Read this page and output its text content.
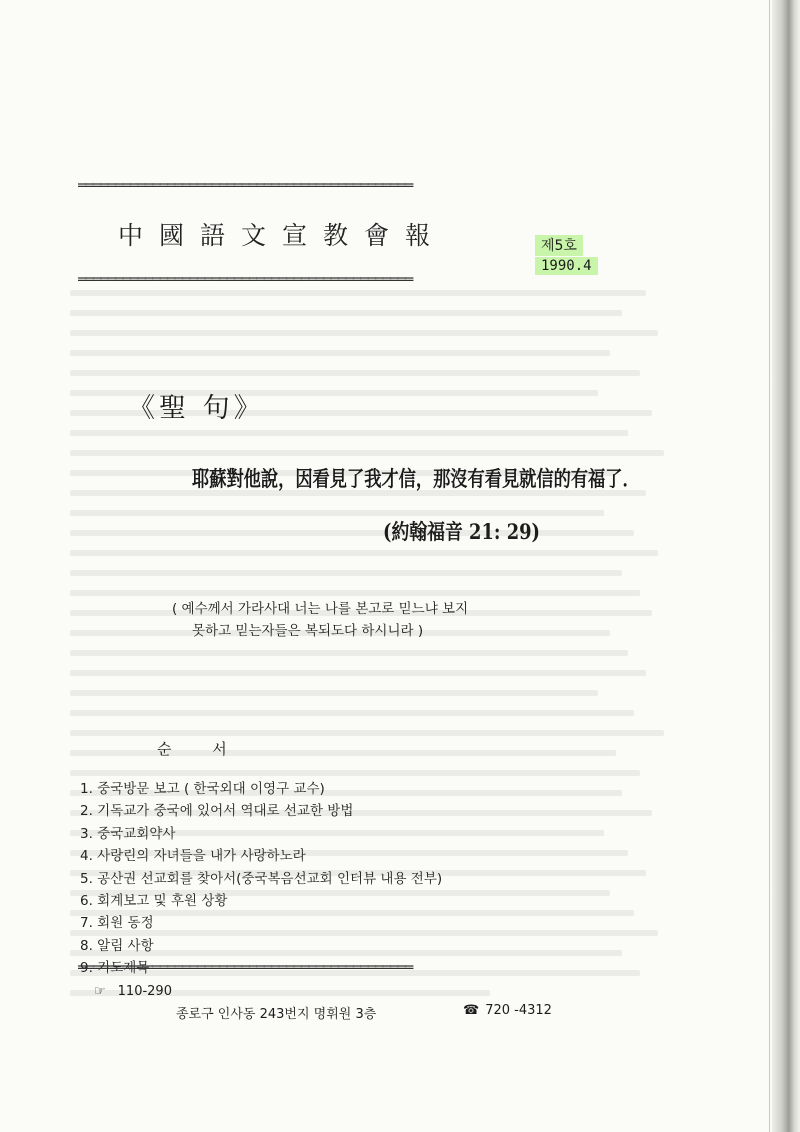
中 國 語 文 宣 教 會 報	제5호
1990.4
《聖 句》
耶蘇對他說，因看見了我才信，那沒有看見就信的有福了．
(約翰福音 21: 29)
( 예수께서 가라사대 너는 나를 본고로 믿느냐 보지
못하고 믿는자들은 복되도다 하시니라 )
순 서
1. 중국방문 보고 ( 한국외대 이영구 교수)
2. 기독교가 중국에 있어서 역대로 선교한 방법
3. 중국교회약사
4. 사랑린의 자녀들을 내가 사랑하노라
5. 공산권 선교회를 찾아서(중국복음선교회 인터뷰 내용 전부)
6. 회계보고 및 후원 상황
7. 회원 동정
8. 알림 사항
9. 기도제목
☞ 110-290
종로구 인사동 243번지 명휘원 3층	☎ 720 -4312
